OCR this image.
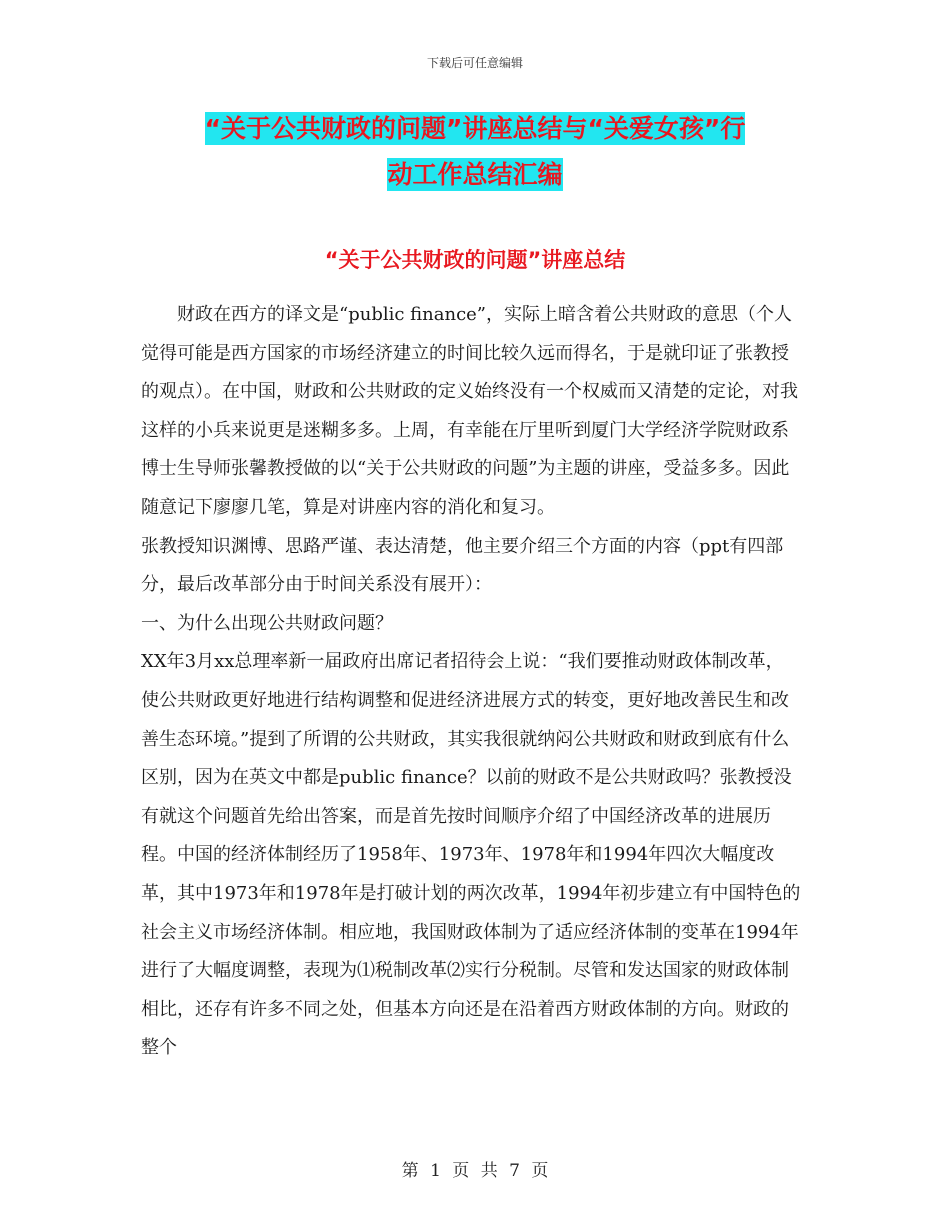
下载后可任意编辑
“关于公共财政的问题”讲座总结与“关爱女孩”行
动工作总结汇编
“关于公共财政的问题”讲座总结

财政在西方的译文是“public finance”，实际上暗含着公共财政的意思（个人觉得可能是西方国家的市场经济建立的时间比较久远而得名，于是就印证了张教授的观点）。在中国，财政和公共财政的定义始终没有一个权威而又清楚的定论，对我这样的小兵来说更是迷糊多多。上周，有幸能在厅里听到厦门大学经济学院财政系博士生导师张馨教授做的以“关于公共财政的问题”为主题的讲座，受益多多。因此随意记下廖廖几笔，算是对讲座内容的消化和复习。

张教授知识渊博、思路严谨、表达清楚，他主要介绍三个方面的内容（ppt有四部分，最后改革部分由于时间关系没有展开）：

一、为什么出现公共财政问题？

XX年3月xx总理率新一届政府出席记者招待会上说：“我们要推动财政体制改革，使公共财政更好地进行结构调整和促进经济进展方式的转变，更好地改善民生和改善生态环境。”提到了所谓的公共财政，其实我很就纳闷公共财政和财政到底有什么区别，因为在英文中都是public finance？以前的财政不是公共财政吗？张教授没有就这个问题首先给出答案，而是首先按时间顺序介绍了中国经济改革的进展历程。中国的经济体制经历了1958年、1973年、1978年和1994年四次大幅度改革，其中1973年和1978年是打破计划的两次改革，1994年初步建立有中国特色的社会主义市场经济体制。相应地，我国财政体制为了适应经济体制的变革在1994年进行了大幅度调整，表现为⑴税制改革⑵实行分税制。尽管和发达国家的财政体制相比，还存有许多不同之处，但基本方向还是在沿着西方财政体制的方向。财政的整个

第 1 页 共 7 页
